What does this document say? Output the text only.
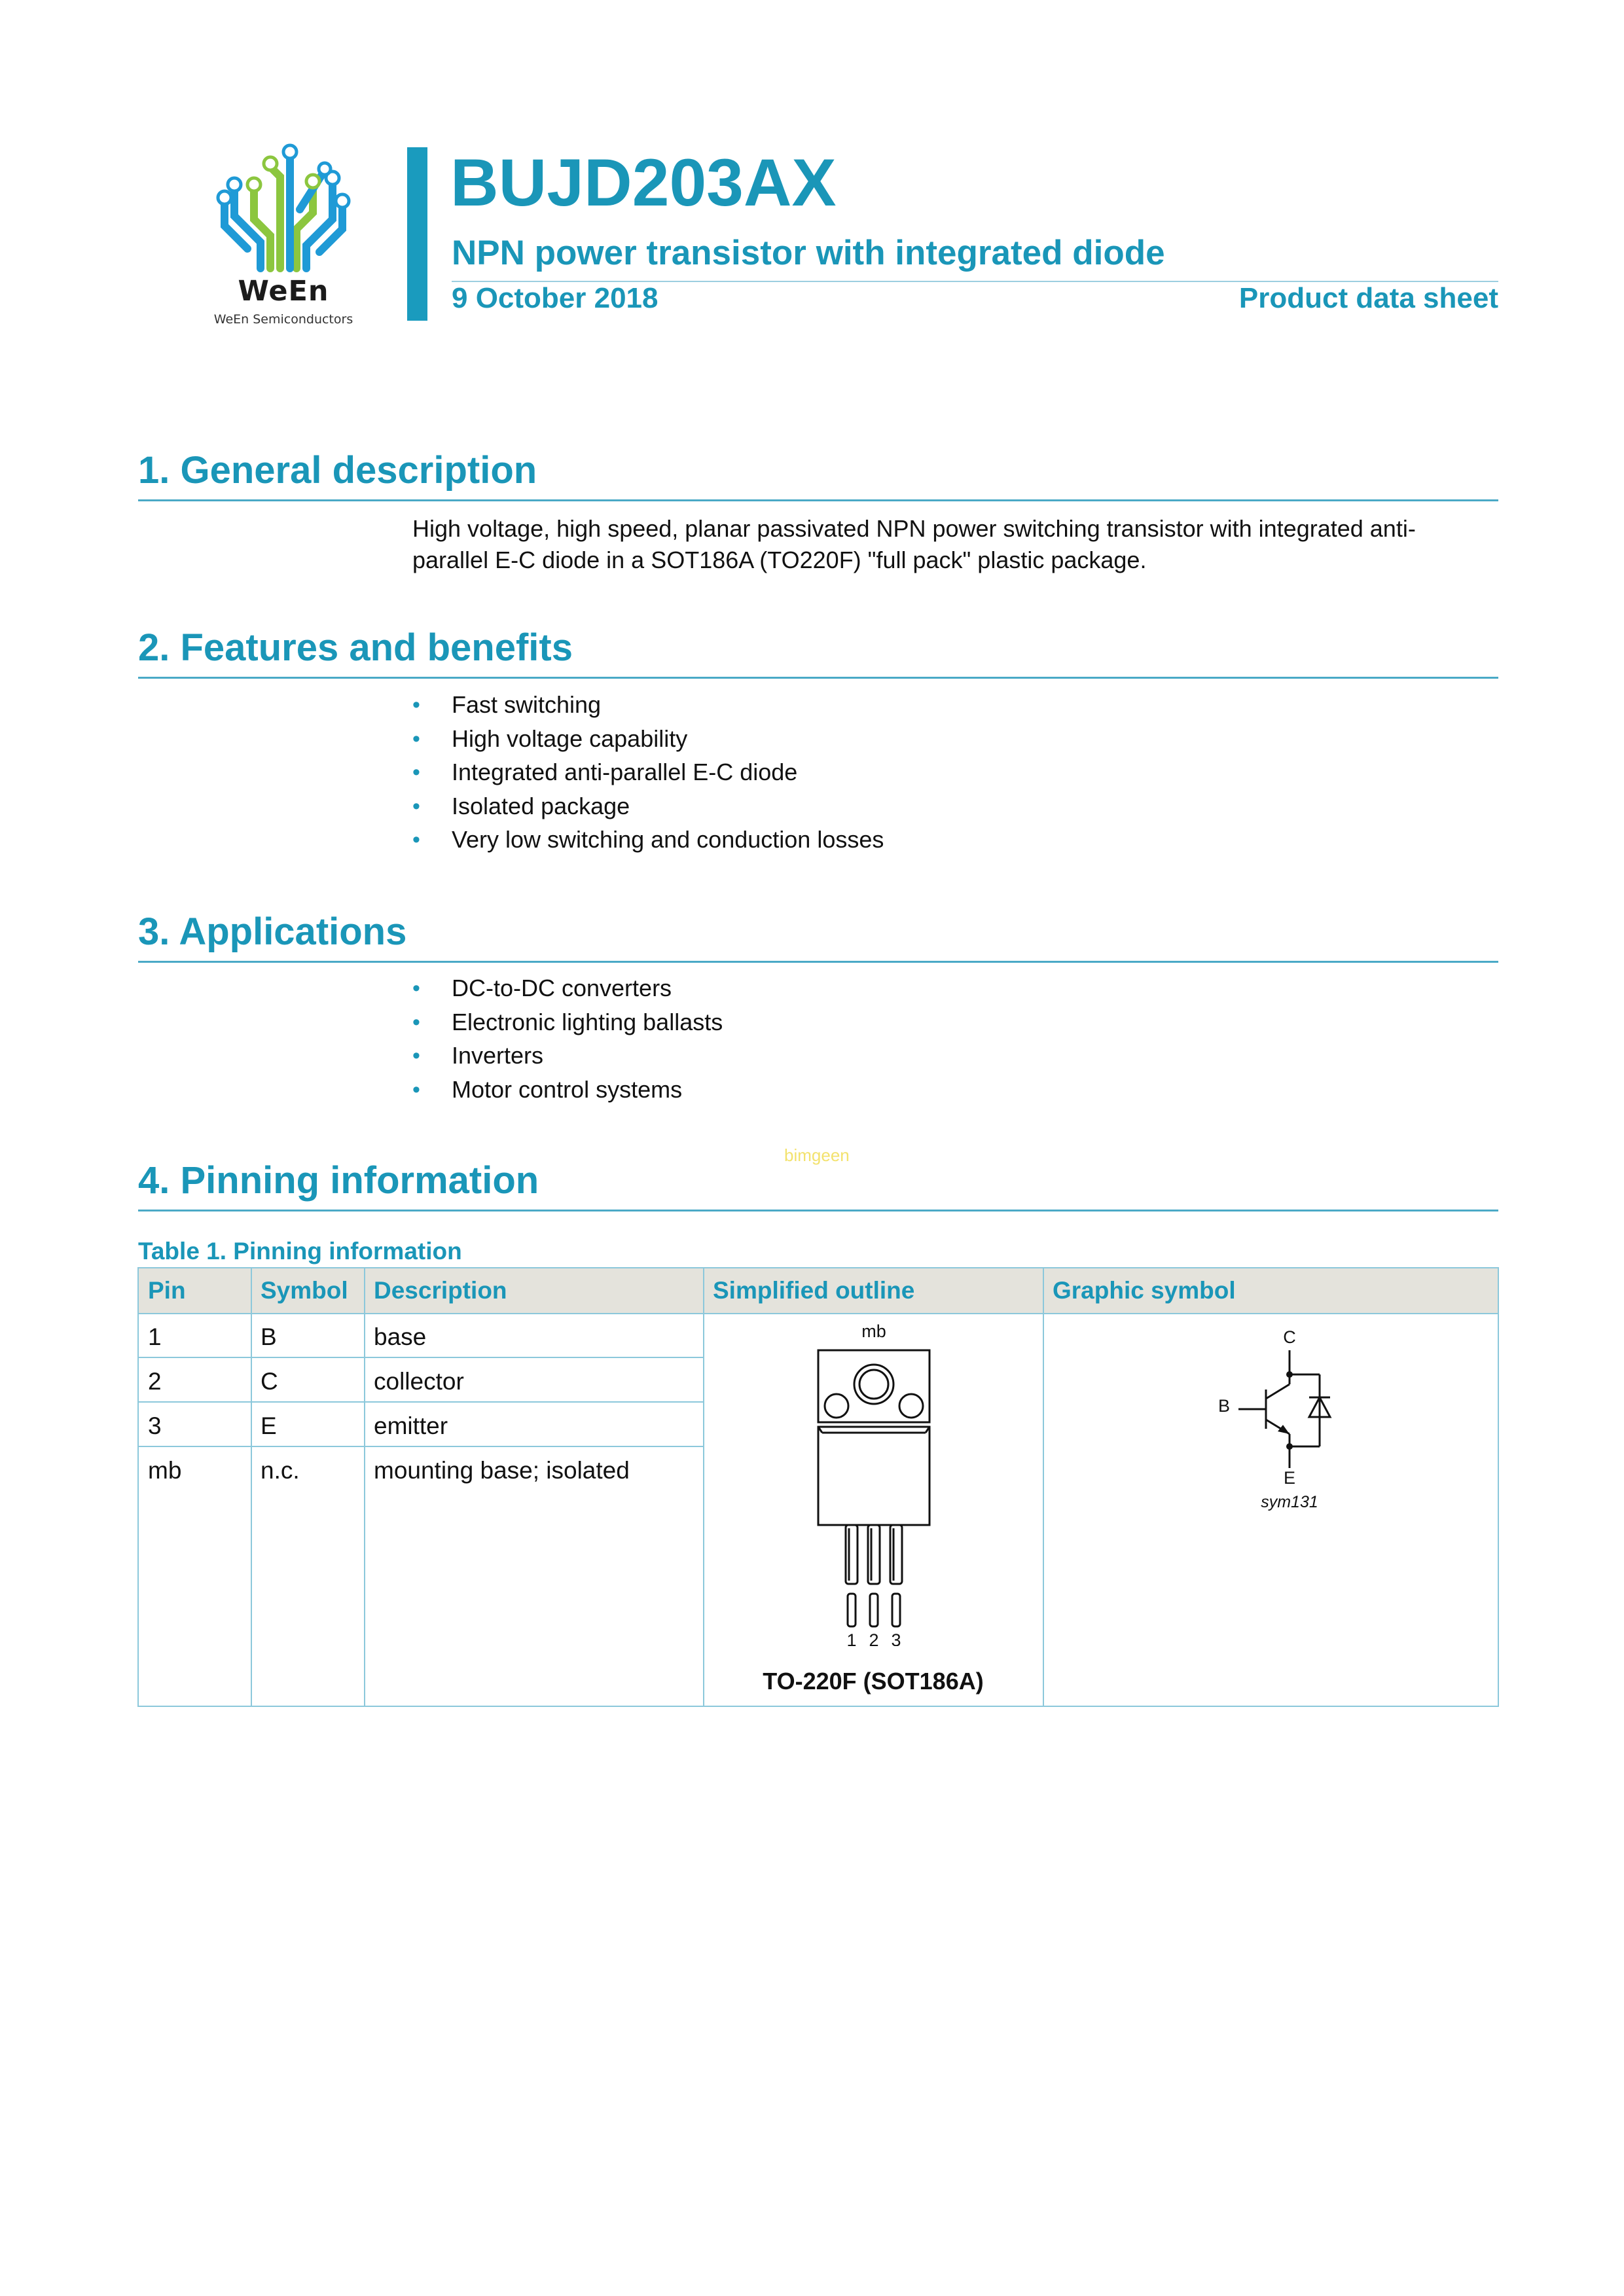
WeEn
WeEn Semiconductors
BUJD203AX
NPN power transistor with integrated diode
9 October 2018	Product data sheet
1. General description
High voltage, high speed, planar passivated NPN power switching transistor with integrated anti-
parallel E-C diode in a SOT186A (TO220F) "full pack" plastic package.
2. Features and benefits
• Fast switching
• High voltage capability
• Integrated anti-parallel E-C diode
• Isolated package
• Very low switching and conduction losses
3. Applications
• DC-to-DC converters
• Electronic lighting ballasts
• Inverters
• Motor control systems
bimgeen
4. Pinning information
Table 1. Pinning information
Pin	Symbol	Description	Simplified outline	Graphic symbol
1	B	base
2	C	collector
3	E	emitter
mb	n.c.	mounting base; isolated
mb
1 2 3
TO-220F (SOT186A)
C
B
E
sym131
